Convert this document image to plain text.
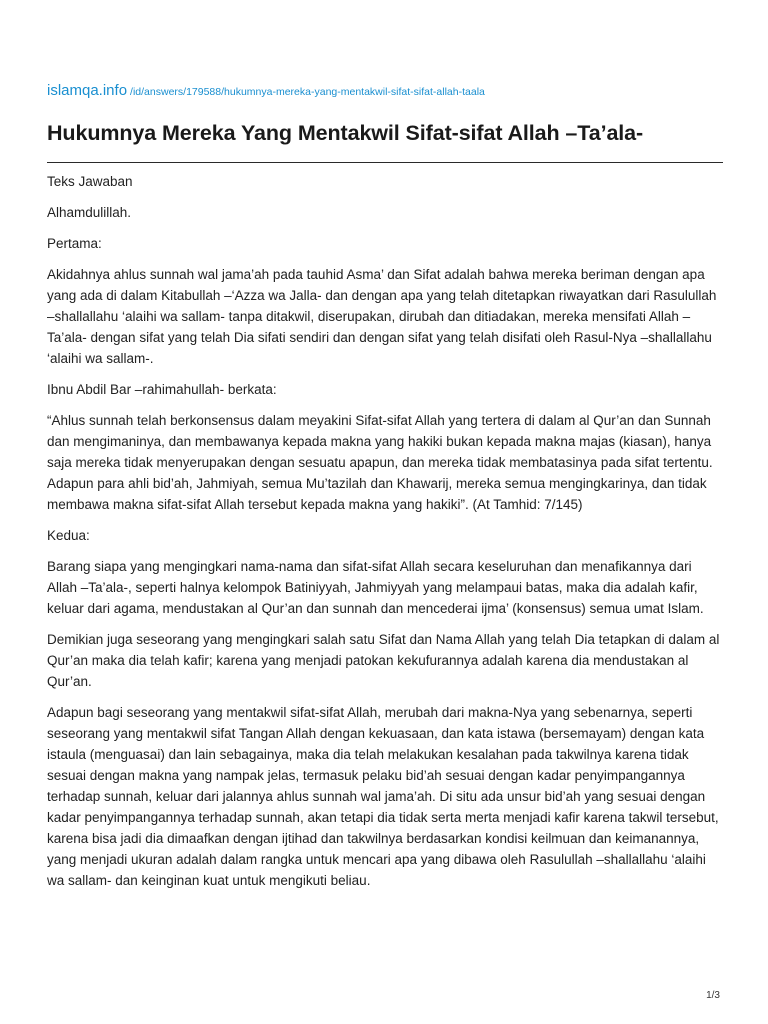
islamqa.info /id/answers/179588/hukumnya-mereka-yang-mentakwil-sifat-sifat-allah-taala
Hukumnya Mereka Yang Mentakwil Sifat-sifat Allah –Ta’ala-

Teks Jawaban

Alhamdulillah.

Pertama:

Akidahnya ahlus sunnah wal jama’ah pada tauhid Asma’ dan Sifat adalah bahwa mereka beriman dengan apa yang ada di dalam Kitabullah –‘Azza wa Jalla- dan dengan apa yang telah ditetapkan riwayatkan dari Rasulullah –shallallahu ‘alaihi wa sallam- tanpa ditakwil, diserupakan, dirubah dan ditiadakan, mereka mensifati Allah –Ta’ala- dengan sifat yang telah Dia sifati sendiri dan dengan sifat yang telah disifati oleh Rasul-Nya –shallallahu ‘alaihi wa sallam-.

Ibnu Abdil Bar –rahimahullah- berkata:

“Ahlus sunnah telah berkonsensus dalam meyakini Sifat-sifat Allah yang tertera di dalam al Qur’an dan Sunnah dan mengimaninya, dan membawanya kepada makna yang hakiki bukan kepada makna majas (kiasan), hanya saja mereka tidak menyerupakan dengan sesuatu apapun, dan mereka tidak membatasinya pada sifat tertentu. Adapun para ahli bid’ah, Jahmiyah, semua Mu’tazilah dan Khawarij, mereka semua mengingkarinya, dan tidak membawa makna sifat-sifat Allah tersebut kepada makna yang hakiki”. (At Tamhid: 7/145)

Kedua:

Barang siapa yang mengingkari nama-nama dan sifat-sifat Allah secara keseluruhan dan menafikannya dari Allah –Ta’ala-, seperti halnya kelompok Batiniyyah, Jahmiyyah yang melampaui batas, maka dia adalah kafir, keluar dari agama, mendustakan al Qur’an dan sunnah dan mencederai ijma’ (konsensus) semua umat Islam.

Demikian juga seseorang yang mengingkari salah satu Sifat dan Nama Allah yang telah Dia tetapkan di dalam al Qur’an maka dia telah kafir; karena yang menjadi patokan kekufurannya adalah karena dia mendustakan al Qur’an.

Adapun bagi seseorang yang mentakwil sifat-sifat Allah, merubah dari makna-Nya yang sebenarnya, seperti seseorang yang mentakwil sifat Tangan Allah dengan kekuasaan, dan kata istawa (bersemayam) dengan kata istaula (menguasai) dan lain sebagainya, maka dia telah melakukan kesalahan pada takwilnya karena tidak sesuai dengan makna yang nampak jelas, termasuk pelaku bid’ah sesuai dengan kadar penyimpangannya terhadap sunnah, keluar dari jalannya ahlus sunnah wal jama’ah. Di situ ada unsur bid’ah yang sesuai dengan kadar penyimpangannya terhadap sunnah, akan tetapi dia tidak serta merta menjadi kafir karena takwil tersebut, karena bisa jadi dia dimaafkan dengan ijtihad dan takwilnya berdasarkan kondisi keilmuan dan keimanannya, yang menjadi ukuran adalah dalam rangka untuk mencari apa yang dibawa oleh Rasulullah –shallallahu ‘alaihi wa sallam- dan keinginan kuat untuk mengikuti beliau.

1/3
